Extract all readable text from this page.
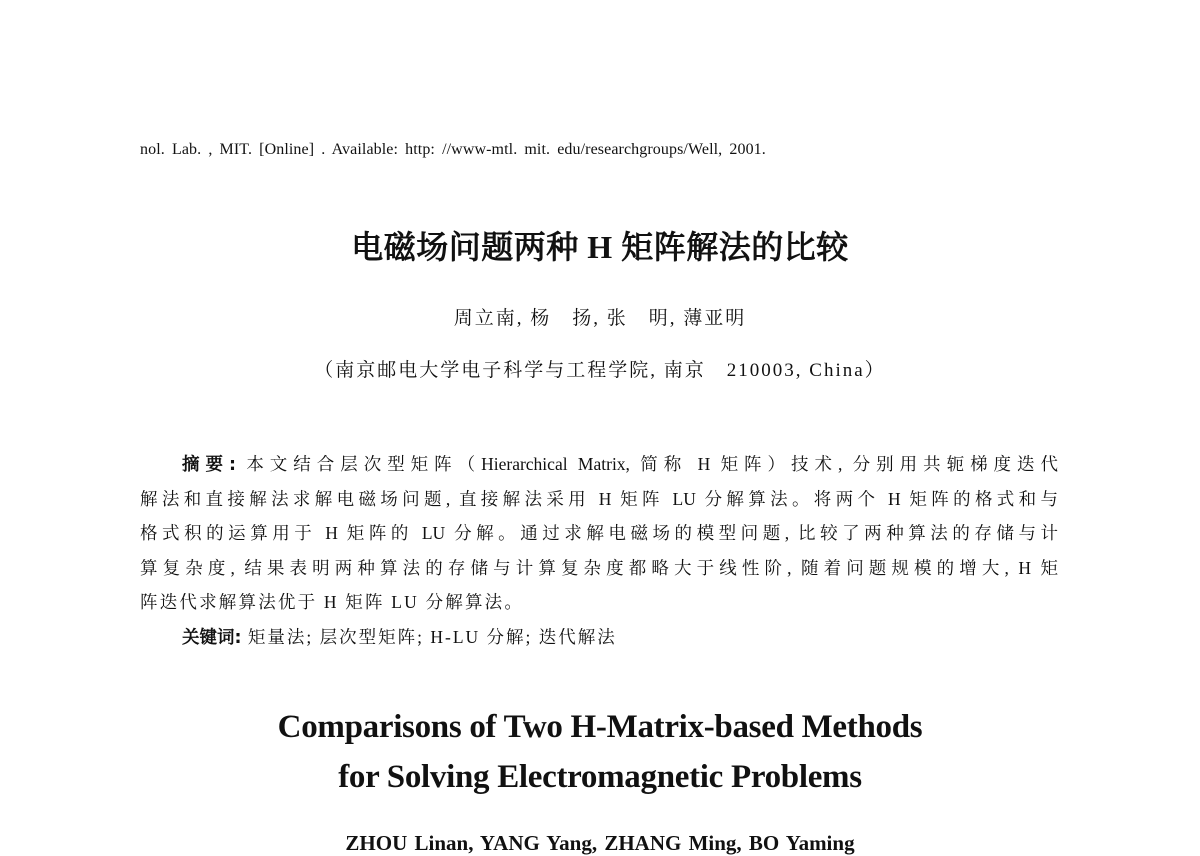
nol. Lab. , MIT. [Online] . Available: http: //www-mtl. mit. edu/researchgroups/Well, 2001.
电磁场问题两种 H 矩阵解法的比较
周立南, 杨　扬, 张　明, 薄亚明
（南京邮电大学电子科学与工程学院, 南京　210003, China）
摘要: 本文结合层次型矩阵（Hierarchical Matrix, 简称 H 矩阵）技术, 分别用共轭梯度迭代
解法和直接解法求解电磁场问题, 直接解法采用 H 矩阵 LU 分解算法。将两个 H 矩阵的格式和与
格式积的运算用于 H 矩阵的 LU 分解。通过求解电磁场的模型问题, 比较了两种算法的存储与计
算复杂度, 结果表明两种算法的存储与计算复杂度都略大于线性阶, 随着问题规模的增大, H 矩
阵迭代求解算法优于 H 矩阵 LU 分解算法。
关键词: 矩量法; 层次型矩阵; H-LU 分解; 迭代解法
Comparisons of Two H-Matrix-based Methods
for Solving Electromagnetic Problems
ZHOU Linan, YANG Yang, ZHANG Ming, BO Yaming
